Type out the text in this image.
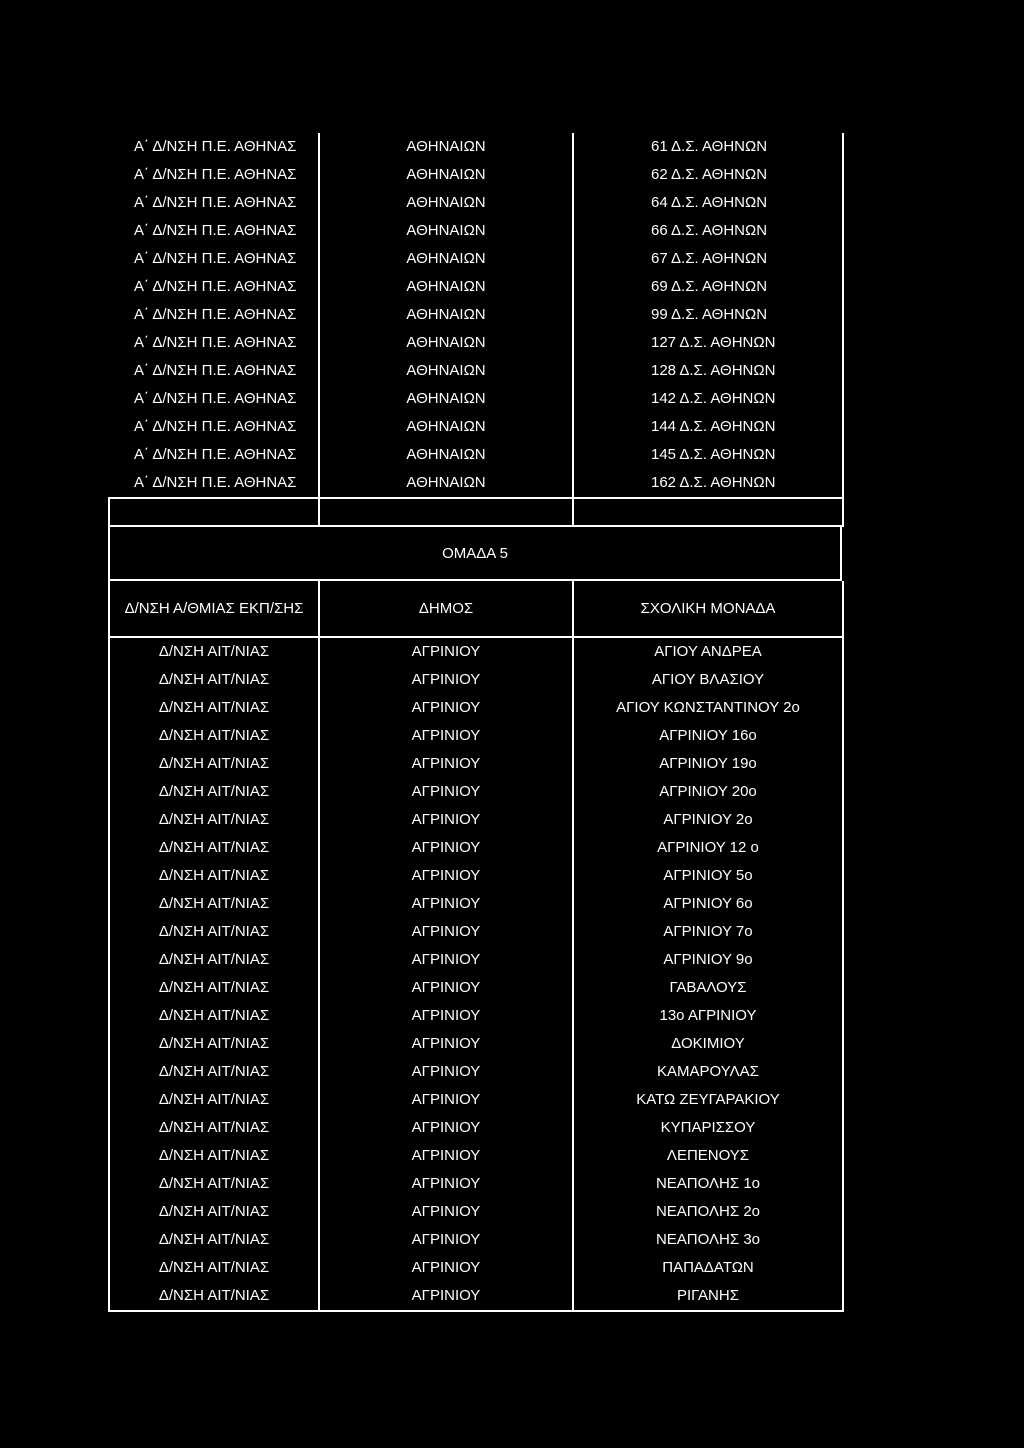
Α΄ Δ/ΝΣΗ Π.Ε. ΑΘΗΝΑΣ	ΑΘΗΝΑΙΩΝ	61 Δ.Σ. ΑΘΗΝΩΝ
Α΄ Δ/ΝΣΗ Π.Ε. ΑΘΗΝΑΣ	ΑΘΗΝΑΙΩΝ	62 Δ.Σ. ΑΘΗΝΩΝ
Α΄ Δ/ΝΣΗ Π.Ε. ΑΘΗΝΑΣ	ΑΘΗΝΑΙΩΝ	64 Δ.Σ. ΑΘΗΝΩΝ
Α΄ Δ/ΝΣΗ Π.Ε. ΑΘΗΝΑΣ	ΑΘΗΝΑΙΩΝ	66 Δ.Σ. ΑΘΗΝΩΝ
Α΄ Δ/ΝΣΗ Π.Ε. ΑΘΗΝΑΣ	ΑΘΗΝΑΙΩΝ	67 Δ.Σ. ΑΘΗΝΩΝ
Α΄ Δ/ΝΣΗ Π.Ε. ΑΘΗΝΑΣ	ΑΘΗΝΑΙΩΝ	69 Δ.Σ. ΑΘΗΝΩΝ
Α΄ Δ/ΝΣΗ Π.Ε. ΑΘΗΝΑΣ	ΑΘΗΝΑΙΩΝ	99 Δ.Σ. ΑΘΗΝΩΝ
Α΄ Δ/ΝΣΗ Π.Ε. ΑΘΗΝΑΣ	ΑΘΗΝΑΙΩΝ	127 Δ.Σ. ΑΘΗΝΩΝ
Α΄ Δ/ΝΣΗ Π.Ε. ΑΘΗΝΑΣ	ΑΘΗΝΑΙΩΝ	128 Δ.Σ. ΑΘΗΝΩΝ
Α΄ Δ/ΝΣΗ Π.Ε. ΑΘΗΝΑΣ	ΑΘΗΝΑΙΩΝ	142 Δ.Σ. ΑΘΗΝΩΝ
Α΄ Δ/ΝΣΗ Π.Ε. ΑΘΗΝΑΣ	ΑΘΗΝΑΙΩΝ	144 Δ.Σ. ΑΘΗΝΩΝ
Α΄ Δ/ΝΣΗ Π.Ε. ΑΘΗΝΑΣ	ΑΘΗΝΑΙΩΝ	145 Δ.Σ. ΑΘΗΝΩΝ
Α΄ Δ/ΝΣΗ Π.Ε. ΑΘΗΝΑΣ	ΑΘΗΝΑΙΩΝ	162 Δ.Σ. ΑΘΗΝΩΝ

ΟΜΑΔΑ 5
Δ/ΝΣΗ Α/ΘΜΙΑΣ ΕΚΠ/ΣΗΣ	ΔΗΜΟΣ	ΣΧΟΛΙΚΗ ΜΟΝΑΔΑ
Δ/ΝΣΗ ΑΙΤ/ΝΙΑΣ	ΑΓΡΙΝΙΟΥ	ΑΓΙΟΥ ΑΝΔΡΕΑ
Δ/ΝΣΗ ΑΙΤ/ΝΙΑΣ	ΑΓΡΙΝΙΟΥ	ΑΓΙΟΥ ΒΛΑΣΙΟΥ
Δ/ΝΣΗ ΑΙΤ/ΝΙΑΣ	ΑΓΡΙΝΙΟΥ	ΑΓΙΟΥ ΚΩΝΣΤΑΝΤΙΝΟΥ 2ο
Δ/ΝΣΗ ΑΙΤ/ΝΙΑΣ	ΑΓΡΙΝΙΟΥ	ΑΓΡΙΝΙΟΥ 16ο
Δ/ΝΣΗ ΑΙΤ/ΝΙΑΣ	ΑΓΡΙΝΙΟΥ	ΑΓΡΙΝΙΟΥ 19ο
Δ/ΝΣΗ ΑΙΤ/ΝΙΑΣ	ΑΓΡΙΝΙΟΥ	ΑΓΡΙΝΙΟΥ 20ο
Δ/ΝΣΗ ΑΙΤ/ΝΙΑΣ	ΑΓΡΙΝΙΟΥ	ΑΓΡΙΝΙΟΥ 2ο
Δ/ΝΣΗ ΑΙΤ/ΝΙΑΣ	ΑΓΡΙΝΙΟΥ	ΑΓΡΙΝΙΟΥ 12 ο
Δ/ΝΣΗ ΑΙΤ/ΝΙΑΣ	ΑΓΡΙΝΙΟΥ	ΑΓΡΙΝΙΟΥ 5ο
Δ/ΝΣΗ ΑΙΤ/ΝΙΑΣ	ΑΓΡΙΝΙΟΥ	ΑΓΡΙΝΙΟΥ 6ο
Δ/ΝΣΗ ΑΙΤ/ΝΙΑΣ	ΑΓΡΙΝΙΟΥ	ΑΓΡΙΝΙΟΥ 7ο
Δ/ΝΣΗ ΑΙΤ/ΝΙΑΣ	ΑΓΡΙΝΙΟΥ	ΑΓΡΙΝΙΟΥ 9ο
Δ/ΝΣΗ ΑΙΤ/ΝΙΑΣ	ΑΓΡΙΝΙΟΥ	ΓΑΒΑΛΟΥΣ
Δ/ΝΣΗ ΑΙΤ/ΝΙΑΣ	ΑΓΡΙΝΙΟΥ	13ο ΑΓΡΙΝΙΟΥ
Δ/ΝΣΗ ΑΙΤ/ΝΙΑΣ	ΑΓΡΙΝΙΟΥ	ΔΟΚΙΜΙΟΥ
Δ/ΝΣΗ ΑΙΤ/ΝΙΑΣ	ΑΓΡΙΝΙΟΥ	ΚΑΜΑΡΟΥΛΑΣ
Δ/ΝΣΗ ΑΙΤ/ΝΙΑΣ	ΑΓΡΙΝΙΟΥ	ΚΑΤΩ ΖΕΥΓΑΡΑΚΙΟΥ
Δ/ΝΣΗ ΑΙΤ/ΝΙΑΣ	ΑΓΡΙΝΙΟΥ	ΚΥΠΑΡΙΣΣΟΥ
Δ/ΝΣΗ ΑΙΤ/ΝΙΑΣ	ΑΓΡΙΝΙΟΥ	ΛΕΠΕΝΟΥΣ
Δ/ΝΣΗ ΑΙΤ/ΝΙΑΣ	ΑΓΡΙΝΙΟΥ	ΝΕΑΠΟΛΗΣ 1ο
Δ/ΝΣΗ ΑΙΤ/ΝΙΑΣ	ΑΓΡΙΝΙΟΥ	ΝΕΑΠΟΛΗΣ 2ο
Δ/ΝΣΗ ΑΙΤ/ΝΙΑΣ	ΑΓΡΙΝΙΟΥ	ΝΕΑΠΟΛΗΣ 3ο
Δ/ΝΣΗ ΑΙΤ/ΝΙΑΣ	ΑΓΡΙΝΙΟΥ	ΠΑΠΑΔΑΤΩΝ
Δ/ΝΣΗ ΑΙΤ/ΝΙΑΣ	ΑΓΡΙΝΙΟΥ	ΡΙΓΑΝΗΣ
